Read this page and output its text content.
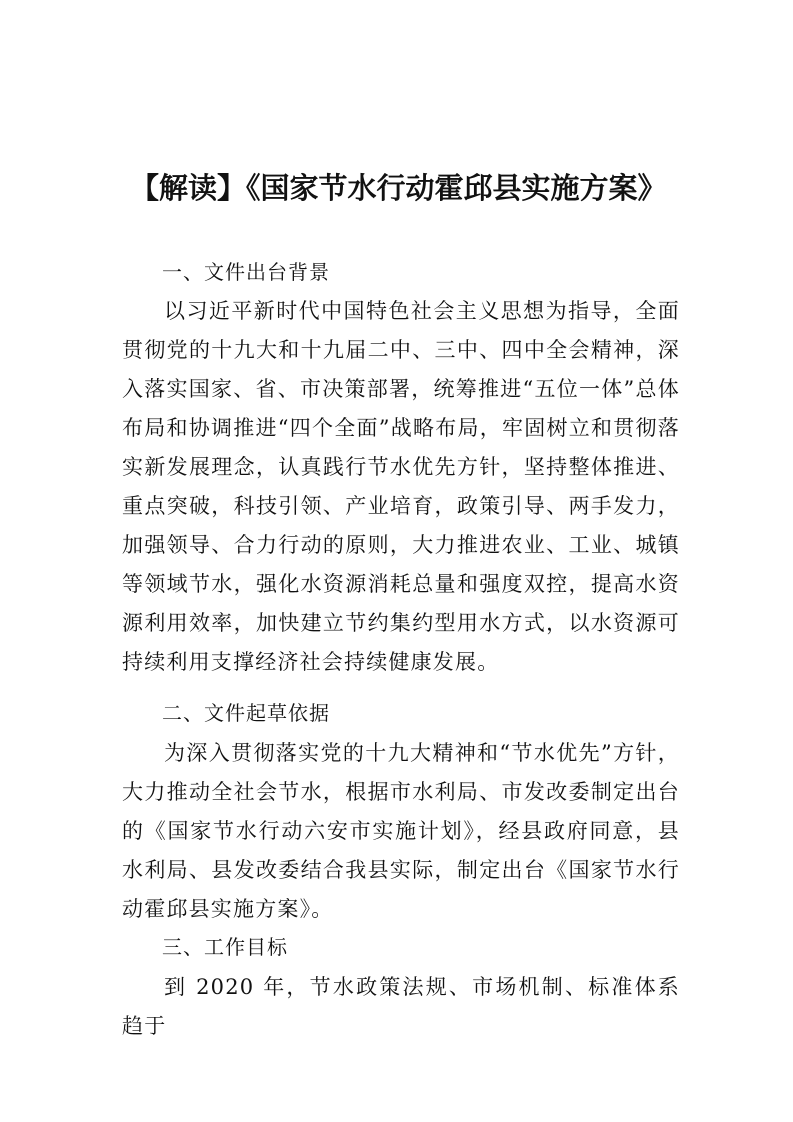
【解读】《国家节水行动霍邱县实施方案》
一、文件出台背景
以习近平新时代中国特色社会主义思想为指导，全面贯彻党的十九大和十九届二中、三中、四中全会精神，深入落实国家、省、市决策部署，统筹推进“五位一体”总体布局和协调推进“四个全面”战略布局，牢固树立和贯彻落实新发展理念，认真践行节水优先方针，坚持整体推进、重点突破，科技引领、产业培育，政策引导、两手发力，加强领导、合力行动的原则，大力推进农业、工业、城镇等领域节水，强化水资源消耗总量和强度双控，提高水资源利用效率，加快建立节约集约型用水方式，以水资源可持续利用支撑经济社会持续健康发展。
二、文件起草依据
为深入贯彻落实党的十九大精神和“节水优先”方针，大力推动全社会节水，根据市水利局、市发改委制定出台的《国家节水行动六安市实施计划》，经县政府同意，县水利局、县发改委结合我县实际，制定出台《国家节水行动霍邱县实施方案》。
三、工作目标
到 2020 年，节水政策法规、市场机制、标准体系趋于
